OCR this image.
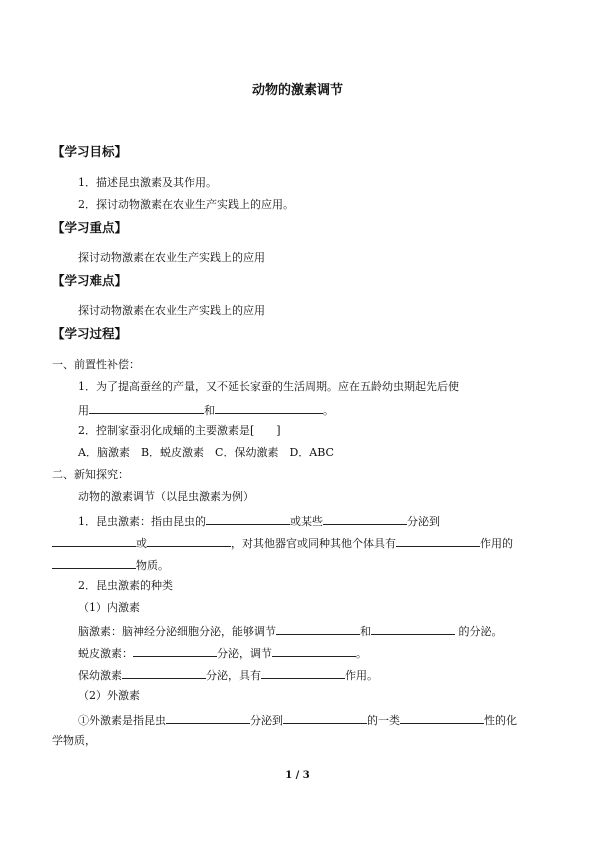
动物的激素调节
【学习目标】
1．描述昆虫激素及其作用。
2．探讨动物激素在农业生产实践上的应用。
【学习重点】
探讨动物激素在农业生产实践上的应用
【学习难点】
探讨动物激素在农业生产实践上的应用
【学习过程】
一、前置性补偿：
1．为了提高蚕丝的产量，又不延长家蚕的生活周期。应在五龄幼虫期起先后使
用	和	。
2．控制家蚕羽化成蛹的主要激素是[　　]
A．脑激素　B．蜕皮激素　C．保幼激素　D．ABC
二、新知探究：
动物的激素调节（以昆虫激素为例）
1．昆虫激素：指由昆虫的	或某些	分泌到
或	，对其他器官或同种其他个体具有	作用的
物质。
2．昆虫激素的种类
（1）内激素
脑激素：脑神经分泌细胞分泌，能够调节	和	的分泌。
蜕皮激素：	分泌，调节	。
保幼激素	分泌，具有	作用。
（2）外激素
①外激素是指昆虫	分泌到	的一类	性的化
学物质，
1 / 3
